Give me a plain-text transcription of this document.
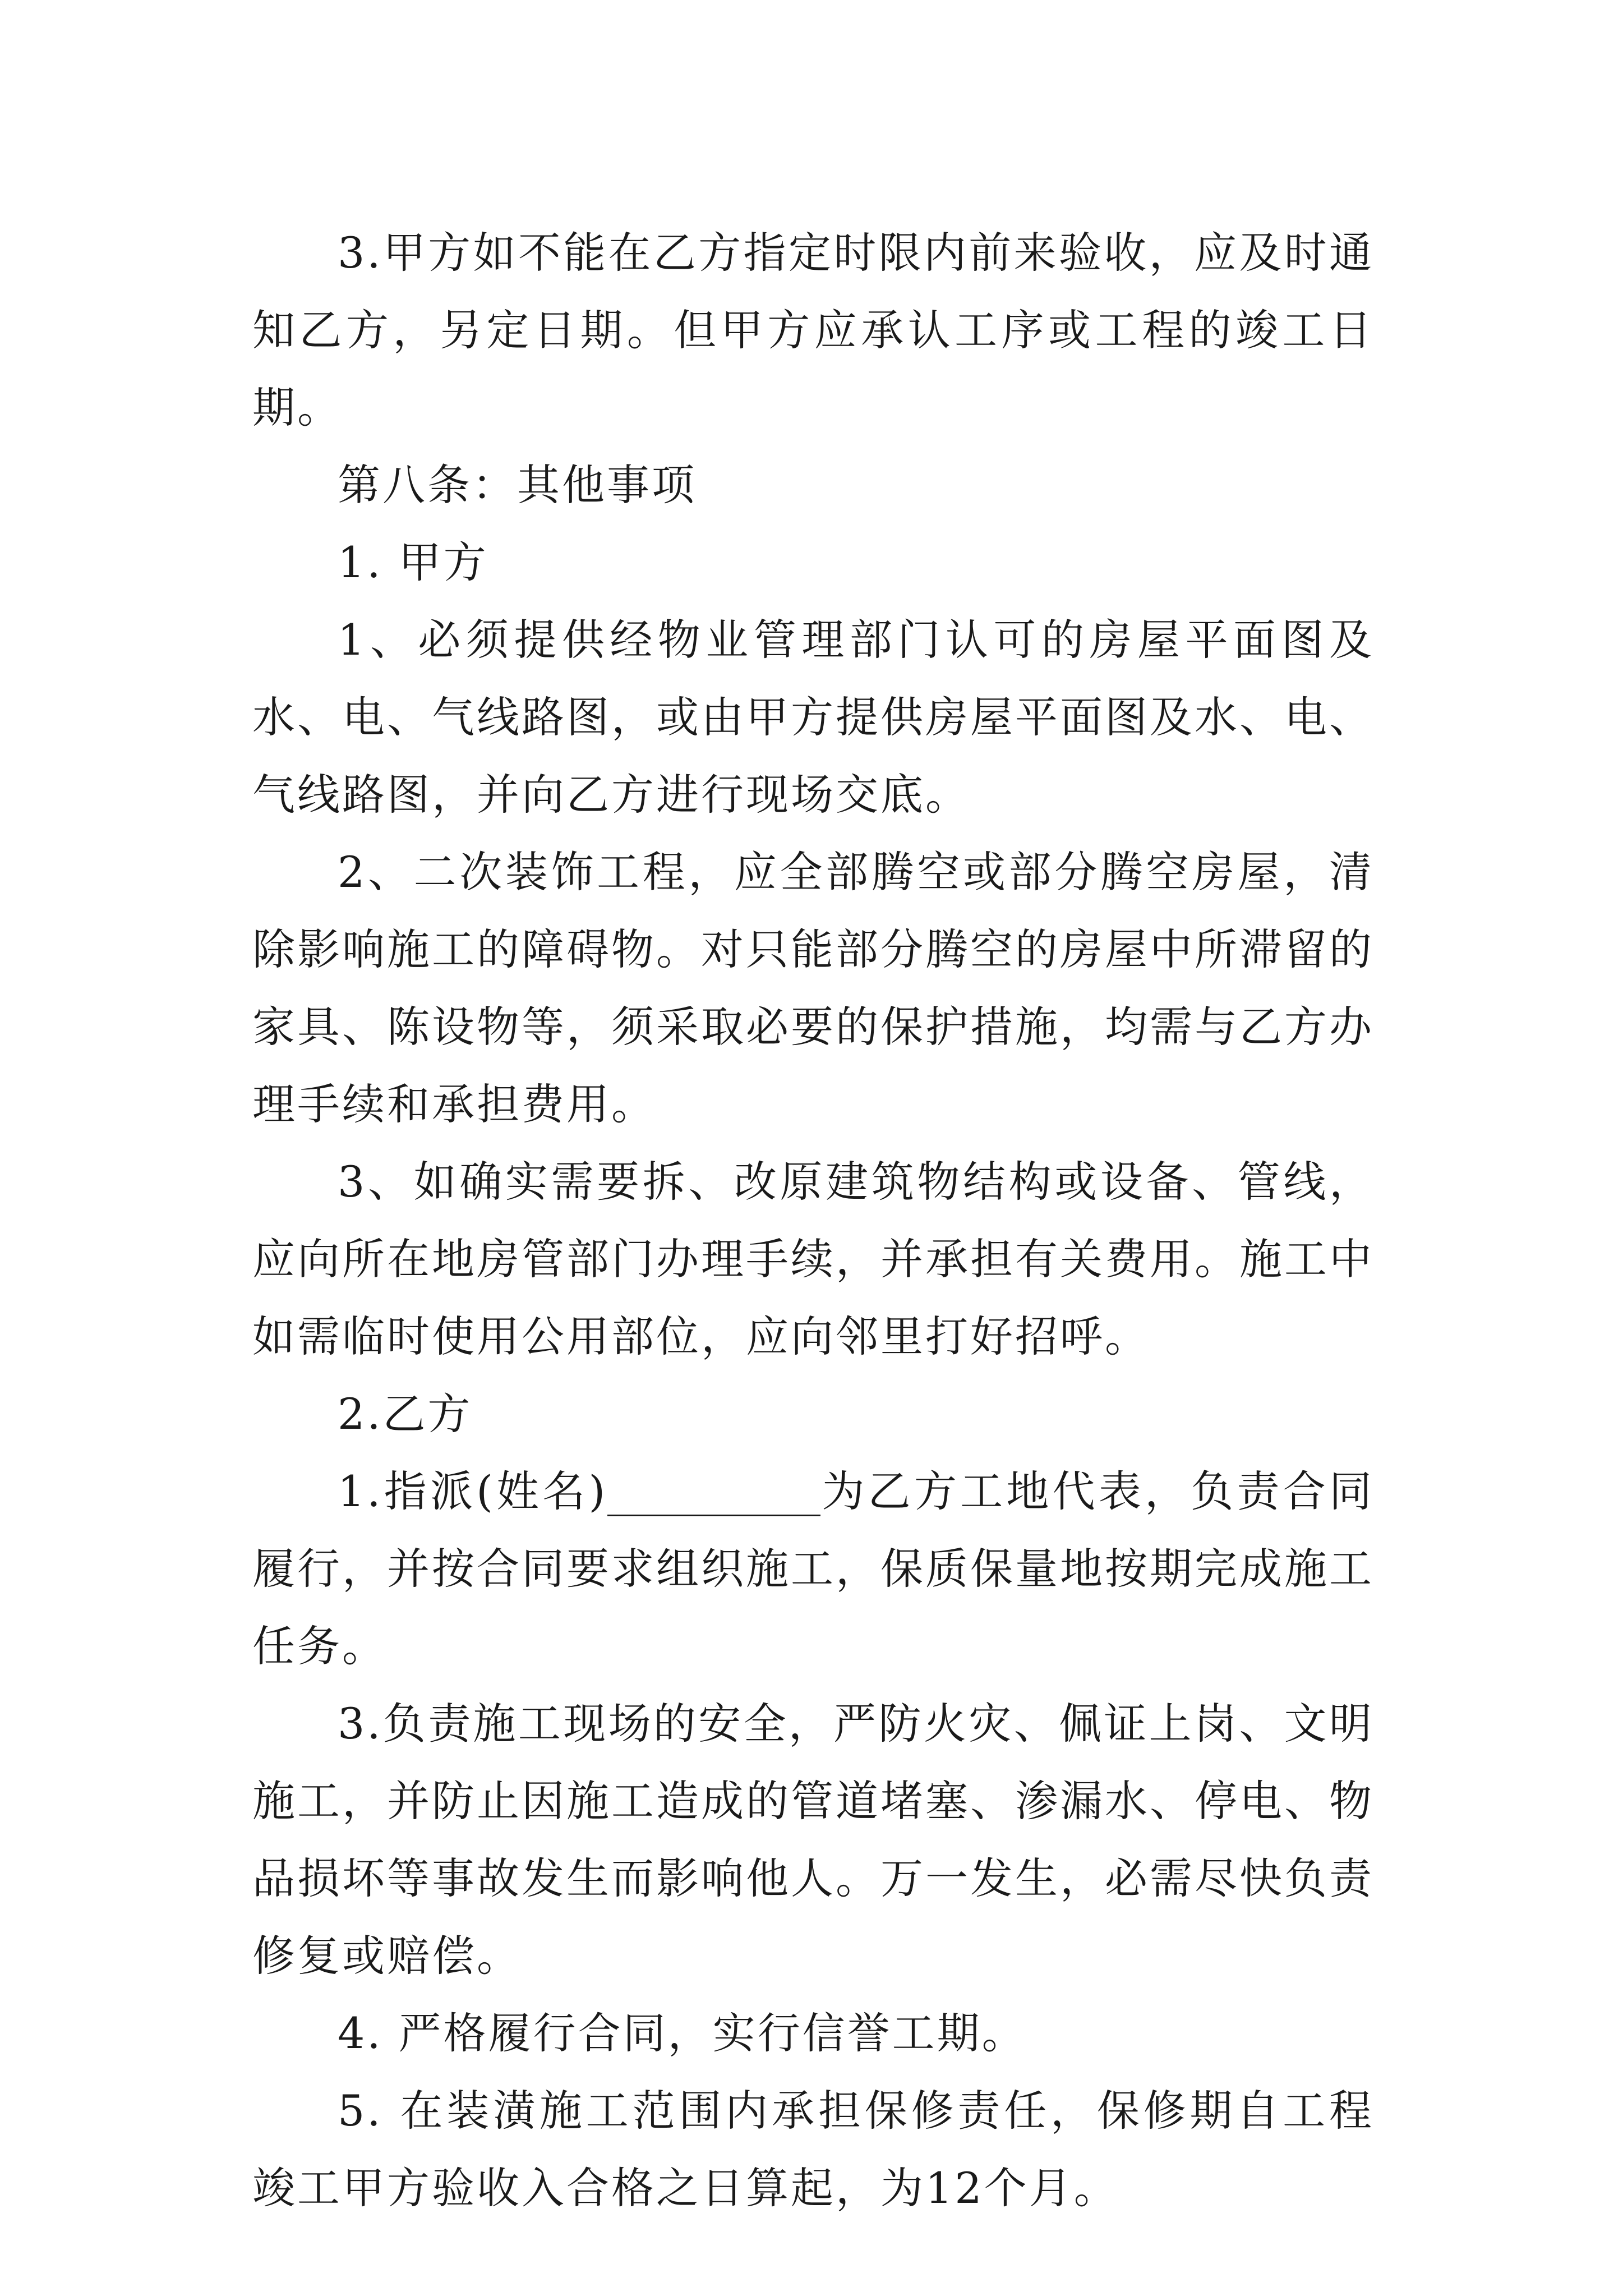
3.甲方如不能在乙方指定时限内前来验收，应及时通知乙方，另定日期。但甲方应承认工序或工程的竣工日期。

第八条：其他事项

1. 甲方

1、必须提供经物业管理部门认可的房屋平面图及水、电、气线路图，或由甲方提供房屋平面图及水、电、气线路图，并向乙方进行现场交底。

2、二次装饰工程，应全部腾空或部分腾空房屋，清除影响施工的障碍物。对只能部分腾空的房屋中所滞留的家具、陈设物等，须采取必要的保护措施，均需与乙方办理手续和承担费用。

3、如确实需要拆、改原建筑物结构或设备、管线，应向所在地房管部门办理手续，并承担有关费用。施工中如需临时使用公用部位，应向邻里打好招呼。

2.乙方

1.指派(姓名)	为乙方工地代表，负责合同履行，并按合同要求组织施工，保质保量地按期完成施工任务。

3.负责施工现场的安全，严防火灾、佩证上岗、文明施工，并防止因施工造成的管道堵塞、渗漏水、停电、物品损坏等事故发生而影响他人。万一发生，必需尽快负责修复或赔偿。

4. 严格履行合同，实行信誉工期。

5. 在装潢施工范围内承担保修责任，保修期自工程竣工甲方验收入合格之日算起，为12个月。
